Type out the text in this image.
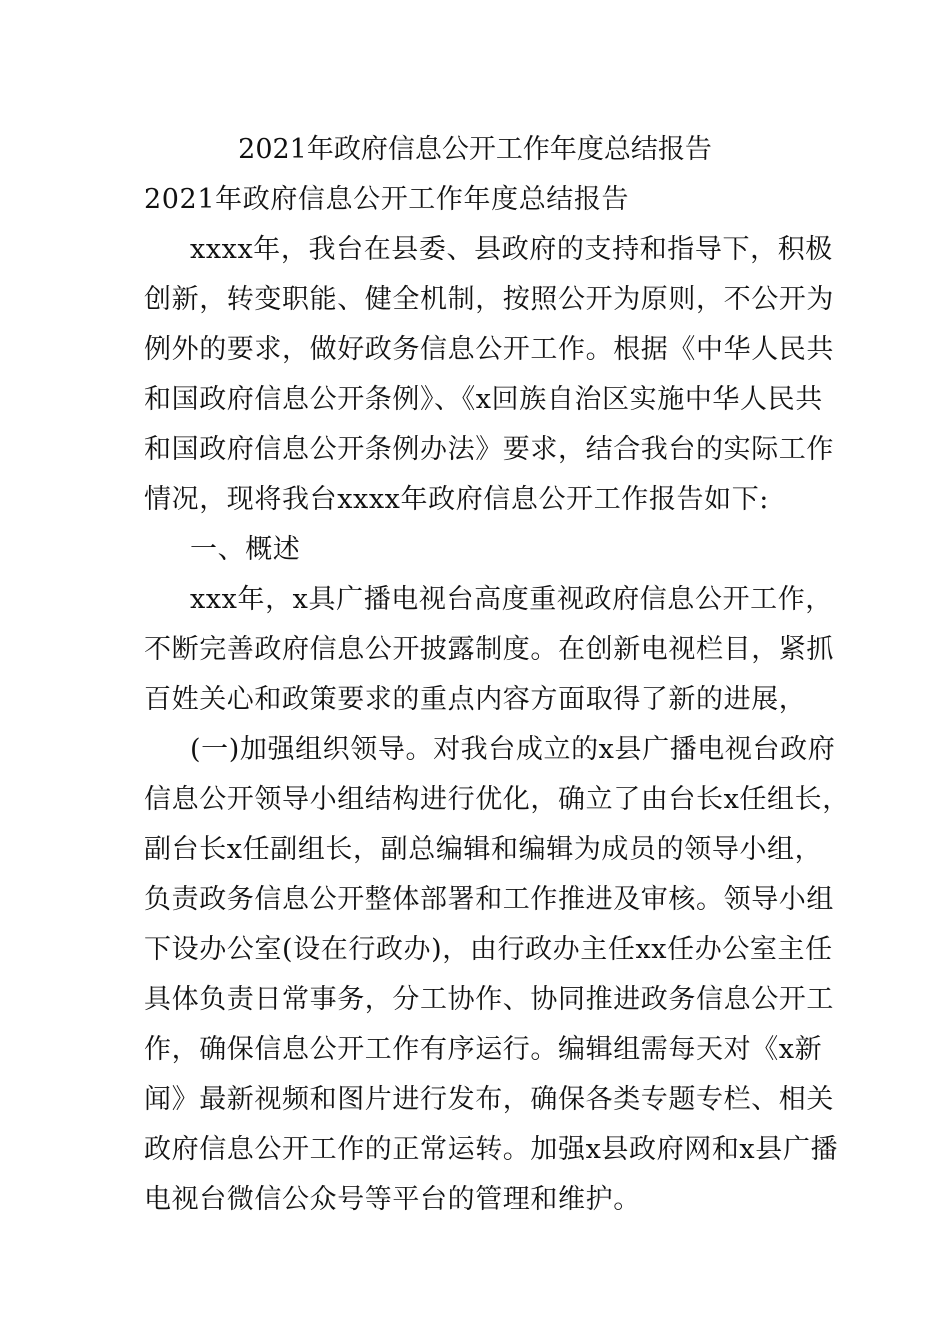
2021年政府信息公开工作年度总结报告
2021年政府信息公开工作年度总结报告
xxxx年，我台在县委、县政府的支持和指导下，积极
创新，转变职能、健全机制，按照公开为原则，不公开为
例外的要求，做好政务信息公开工作。根据《中华人民共
和国政府信息公开条例》、《x回族自治区实施中华人民共
和国政府信息公开条例办法》要求，结合我台的实际工作
情况，现将我台xxxx年政府信息公开工作报告如下:
一、概述
xxx年，x具广播电视台高度重视政府信息公开工作，
不断完善政府信息公开披露制度。在创新电视栏目，紧抓
百姓关心和政策要求的重点内容方面取得了新的进展，
(一)加强组织领导。对我台成立的x县广播电视台政府
信息公开领导小组结构进行优化，确立了由台长x任组长，
副台长x任副组长，副总编辑和编辑为成员的领导小组，
负责政务信息公开整体部署和工作推进及审核。领导小组
下设办公室(设在行政办)，由行政办主任xx任办公室主任
具体负责日常事务，分工协作、协同推进政务信息公开工
作，确保信息公开工作有序运行。编辑组需每天对《x新
闻》最新视频和图片进行发布，确保各类专题专栏、相关
政府信息公开工作的正常运转。加强x县政府网和x县广播
电视台微信公众号等平台的管理和维护。
